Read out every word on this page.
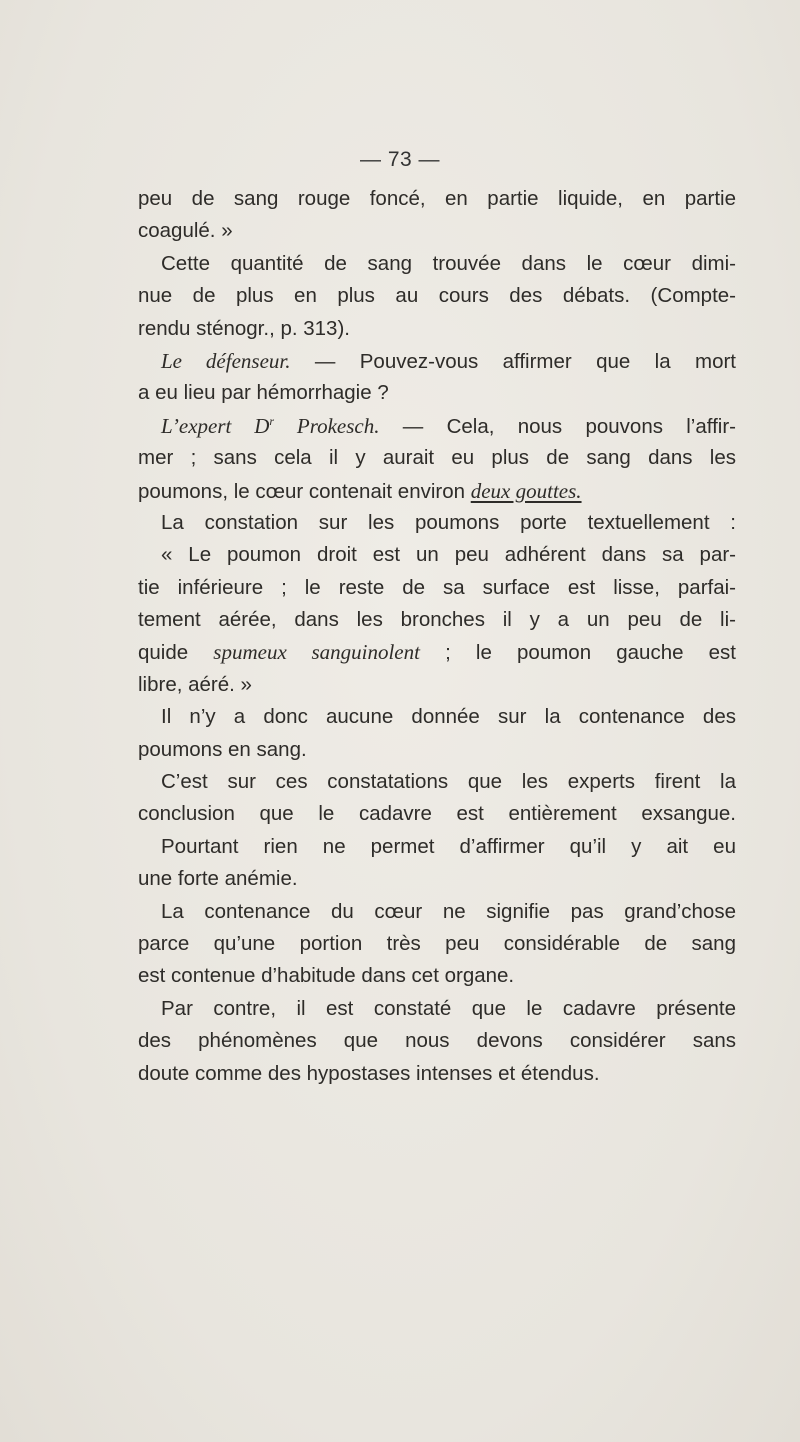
— 73 —
peu de sang rouge foncé, en partie liquide, en partie
coagulé. »
Cette quantité de sang trouvée dans le cœur dimi-
nue de plus en plus au cours des débats. (Compte-
rendu sténogr., p. 313).
Le défenseur. — Pouvez-vous affirmer que la mort
a eu lieu par hémorrhagie ?
L’expert $D^r$ Prokesch. — Cela, nous pouvons l’affir-
mer ; sans cela il y aurait eu plus de sang dans les
poumons, le cœur contenait environ deux gouttes.
La constation sur les poumons porte textuellement :
« Le poumon droit est un peu adhérent dans sa par-
tie inférieure ; le reste de sa surface est lisse, parfai-
tement aérée, dans les bronches il y a un peu de li-
quide spumeux sanguinolent ; le poumon gauche est
libre, aéré. »
Il n’y a donc aucune donnée sur la contenance des
poumons en sang.
C’est sur ces constatations que les experts firent la
conclusion que le cadavre est entièrement exsangue.
Pourtant rien ne permet d’affirmer qu’il y ait eu
une forte anémie.
La contenance du cœur ne signifie pas grand’chose
parce qu’une portion très peu considérable de sang
est contenue d’habitude dans cet organe.
Par contre, il est constaté que le cadavre présente
des phénomènes que nous devons considérer sans
doute comme des hypostases intenses et étendus.
